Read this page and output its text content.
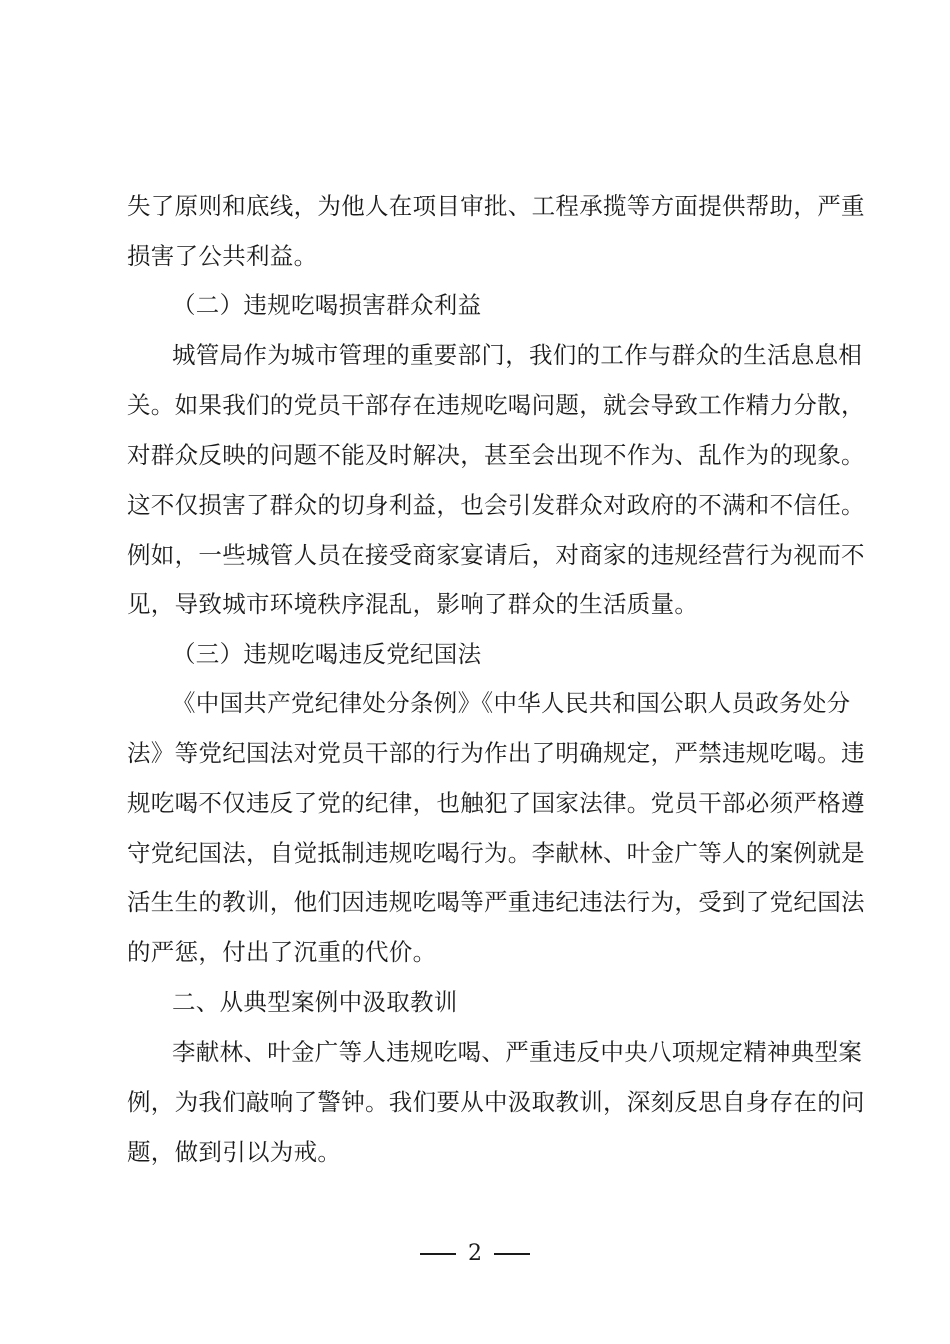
失了原则和底线，为他人在项目审批、工程承揽等方面提供帮助，严重
损害了公共利益。
（二）违规吃喝损害群众利益
城管局作为城市管理的重要部门，我们的工作与群众的生活息息相
关。如果我们的党员干部存在违规吃喝问题，就会导致工作精力分散，
对群众反映的问题不能及时解决，甚至会出现不作为、乱作为的现象。
这不仅损害了群众的切身利益，也会引发群众对政府的不满和不信任。
例如，一些城管人员在接受商家宴请后，对商家的违规经营行为视而不
见，导致城市环境秩序混乱，影响了群众的生活质量。
（三）违规吃喝违反党纪国法
《中国共产党纪律处分条例》《中华人民共和国公职人员政务处分
法》等党纪国法对党员干部的行为作出了明确规定，严禁违规吃喝。违
规吃喝不仅违反了党的纪律，也触犯了国家法律。党员干部必须严格遵
守党纪国法，自觉抵制违规吃喝行为。李献林、叶金广等人的案例就是
活生生的教训，他们因违规吃喝等严重违纪违法行为，受到了党纪国法
的严惩，付出了沉重的代价。
二、从典型案例中汲取教训
李献林、叶金广等人违规吃喝、严重违反中央八项规定精神典型案
例，为我们敲响了警钟。我们要从中汲取教训，深刻反思自身存在的问
题，做到引以为戒。
2
